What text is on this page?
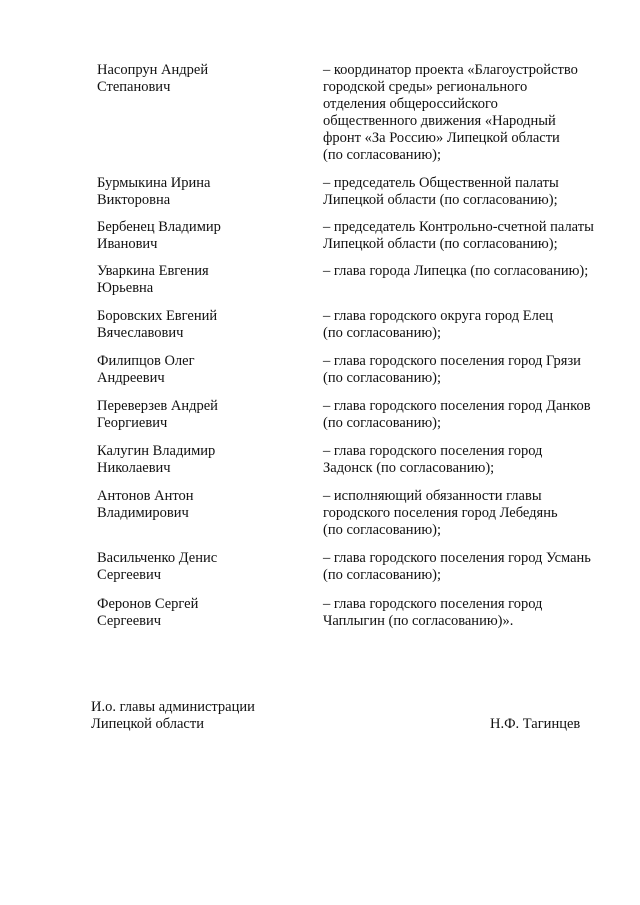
Насопрун Андрей
Степанович
– координатор проекта «Благоустройство
городской среды» регионального
отделения общероссийского
общественного движения «Народный
фронт «За Россию» Липецкой области
(по согласованию);
Бурмыкина Ирина
Викторовна
– председатель Общественной палаты
Липецкой области (по согласованию);
Бербенец Владимир
Иванович
– председатель Контрольно-счетной палаты
Липецкой области (по согласованию);
Уваркина Евгения
Юрьевна
– глава города Липецка (по согласованию);
Боровских Евгений
Вячеславович
– глава городского округа город Елец
(по согласованию);
Филипцов Олег
Андреевич
– глава городского поселения город Грязи
(по согласованию);
Переверзев Андрей
Георгиевич
– глава городского поселения город Данков
(по согласованию);
Калугин Владимир
Николаевич
– глава городского поселения город
Задонск (по согласованию);
Антонов Антон
Владимирович
– исполняющий обязанности главы
городского поселения город Лебедянь
(по согласованию);
Васильченко Денис
Сергеевич
– глава городского поселения город Усмань
(по согласованию);
Феронов Сергей
Сергеевич
– глава городского поселения город
Чаплыгин (по согласованию)».
И.о. главы администрации
Липецкой области	Н.Ф. Тагинцев
